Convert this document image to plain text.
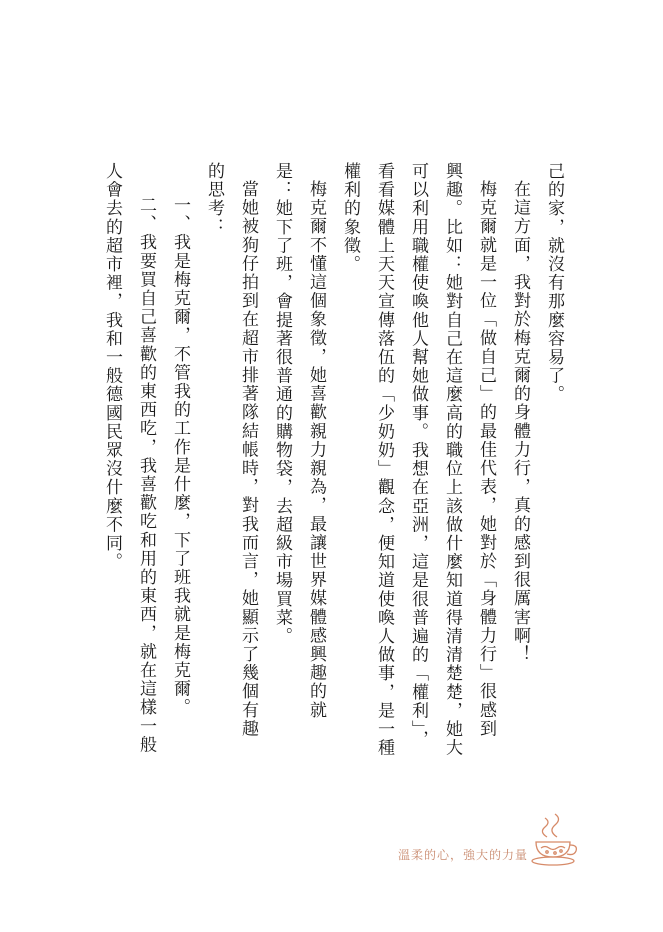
己的家，就沒有那麼容易了。
在這方面，我對於梅克爾的身體力行，真的感到很厲害啊！
梅克爾就是一位「做自己」的最佳代表，她對於「身體力行」很感到
興趣。比如：她對自己在這麼高的職位上該做什麼知道得清清楚楚，她大
可以利用職權使喚他人幫她做事。我想在亞洲，這是很普遍的「權利」，
看看媒體上天天宣傳落伍的「少奶奶」觀念，便知道使喚人做事，是一種
權利的象徵。
梅克爾不懂這個象徵，她喜歡親力親為，最讓世界媒體感興趣的就
是：她下了班，會提著很普通的購物袋，去超級市場買菜。
當她被狗仔拍到在超市排著隊結帳時，對我而言，她顯示了幾個有趣
的思考：
一、我是梅克爾，不管我的工作是什麼，下了班我就是梅克爾。
二、我要買自己喜歡的東西吃，我喜歡吃和用的東西，就在這樣一般
人會去的超市裡，我和一般德國民眾沒什麼不同。
溫柔的心，強大的力量
